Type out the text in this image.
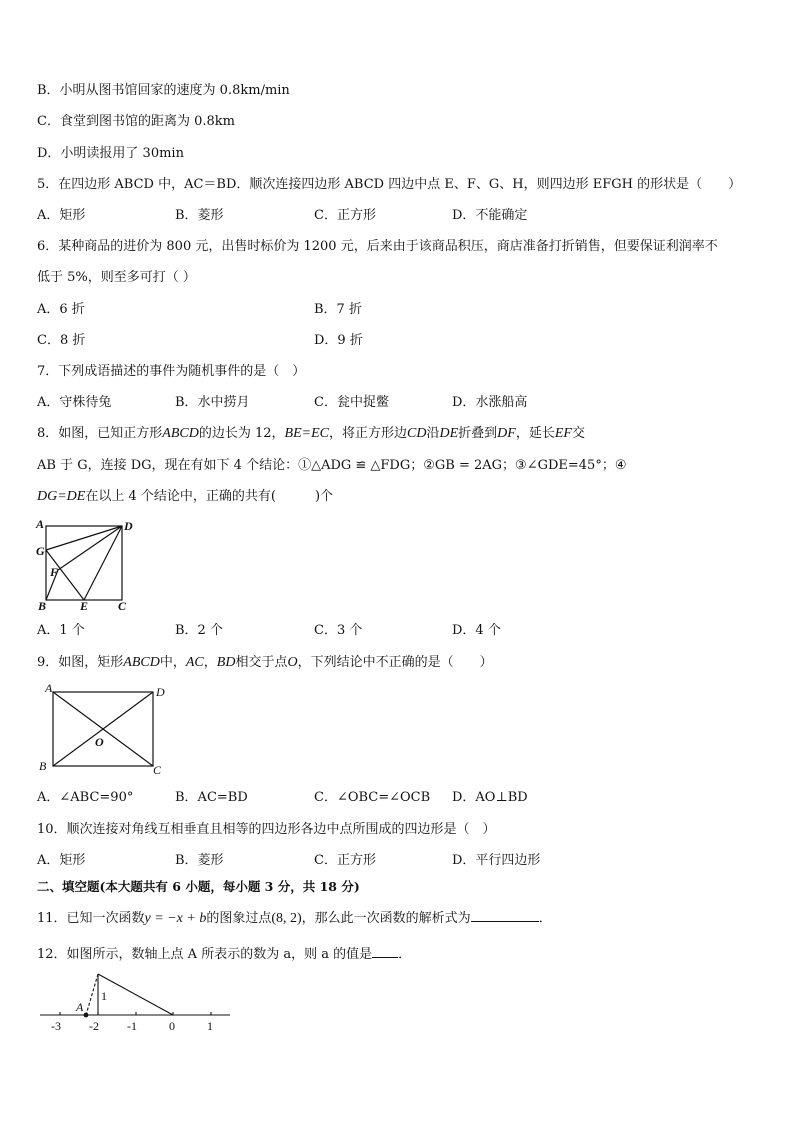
B．小明从图书馆回家的速度为 0.8km/min
C．食堂到图书馆的距离为 0.8km
D．小明读报用了 30min
5．在四边形 ABCD 中，AC＝BD．顺次连接四边形 ABCD 四边中点 E、F、G、H，则四边形 EFGH 的形状是（　　）
A．矩形	B．菱形	C．正方形	D．不能确定
6．某种商品的进价为 800 元，出售时标价为 1200 元，后来由于该商品积压，商店准备打折销售，但要保证利润率不
低于 5%，则至多可打（ ）
A．6 折	B．7 折
C．8 折	D．9 折
7．下列成语描述的事件为随机事件的是（　）
A．守株待兔	B．水中捞月	C．瓮中捉鳖	D．水涨船高
8．如图，已知正方形ABCD的边长为 12，BE=EC，将正方形边CD沿DE折叠到DF，延长EF交
AB 于 G，连接 DG，现在有如下 4 个结论：①△ADG ≌ △FDG；②GB = 2AG；③∠GDE=45°；④
DG=DE在以上 4 个结论中，正确的共有(　　　)个
A	D
G
F
B	E C
A．1 个	B．2 个	C．3 个	D．4 个
9．如图，矩形ABCD中，AC，BD相交于点O，下列结论中不正确的是（　　）
A	D
O
B	C
A．∠ABC=90°	B．AC=BD	C．∠OBC=∠OCB D．AO⊥BD
10．顺次连接对角线互相垂直且相等的四边形各边中点所围成的四边形是（　）
A．矩形	B．菱形	C．正方形	D．平行四边形
二、填空题(本大题共有 6 小题，每小题 3 分，共 18 分)
11．已知一次函数y = −x + b的图象过点(8, 2)，那么此一次函数的解析式为	．
12．如图所示，数轴上点 A 所表示的数为 a，则 a 的值是 ．
A
1
-3 -2 -1	0	1
